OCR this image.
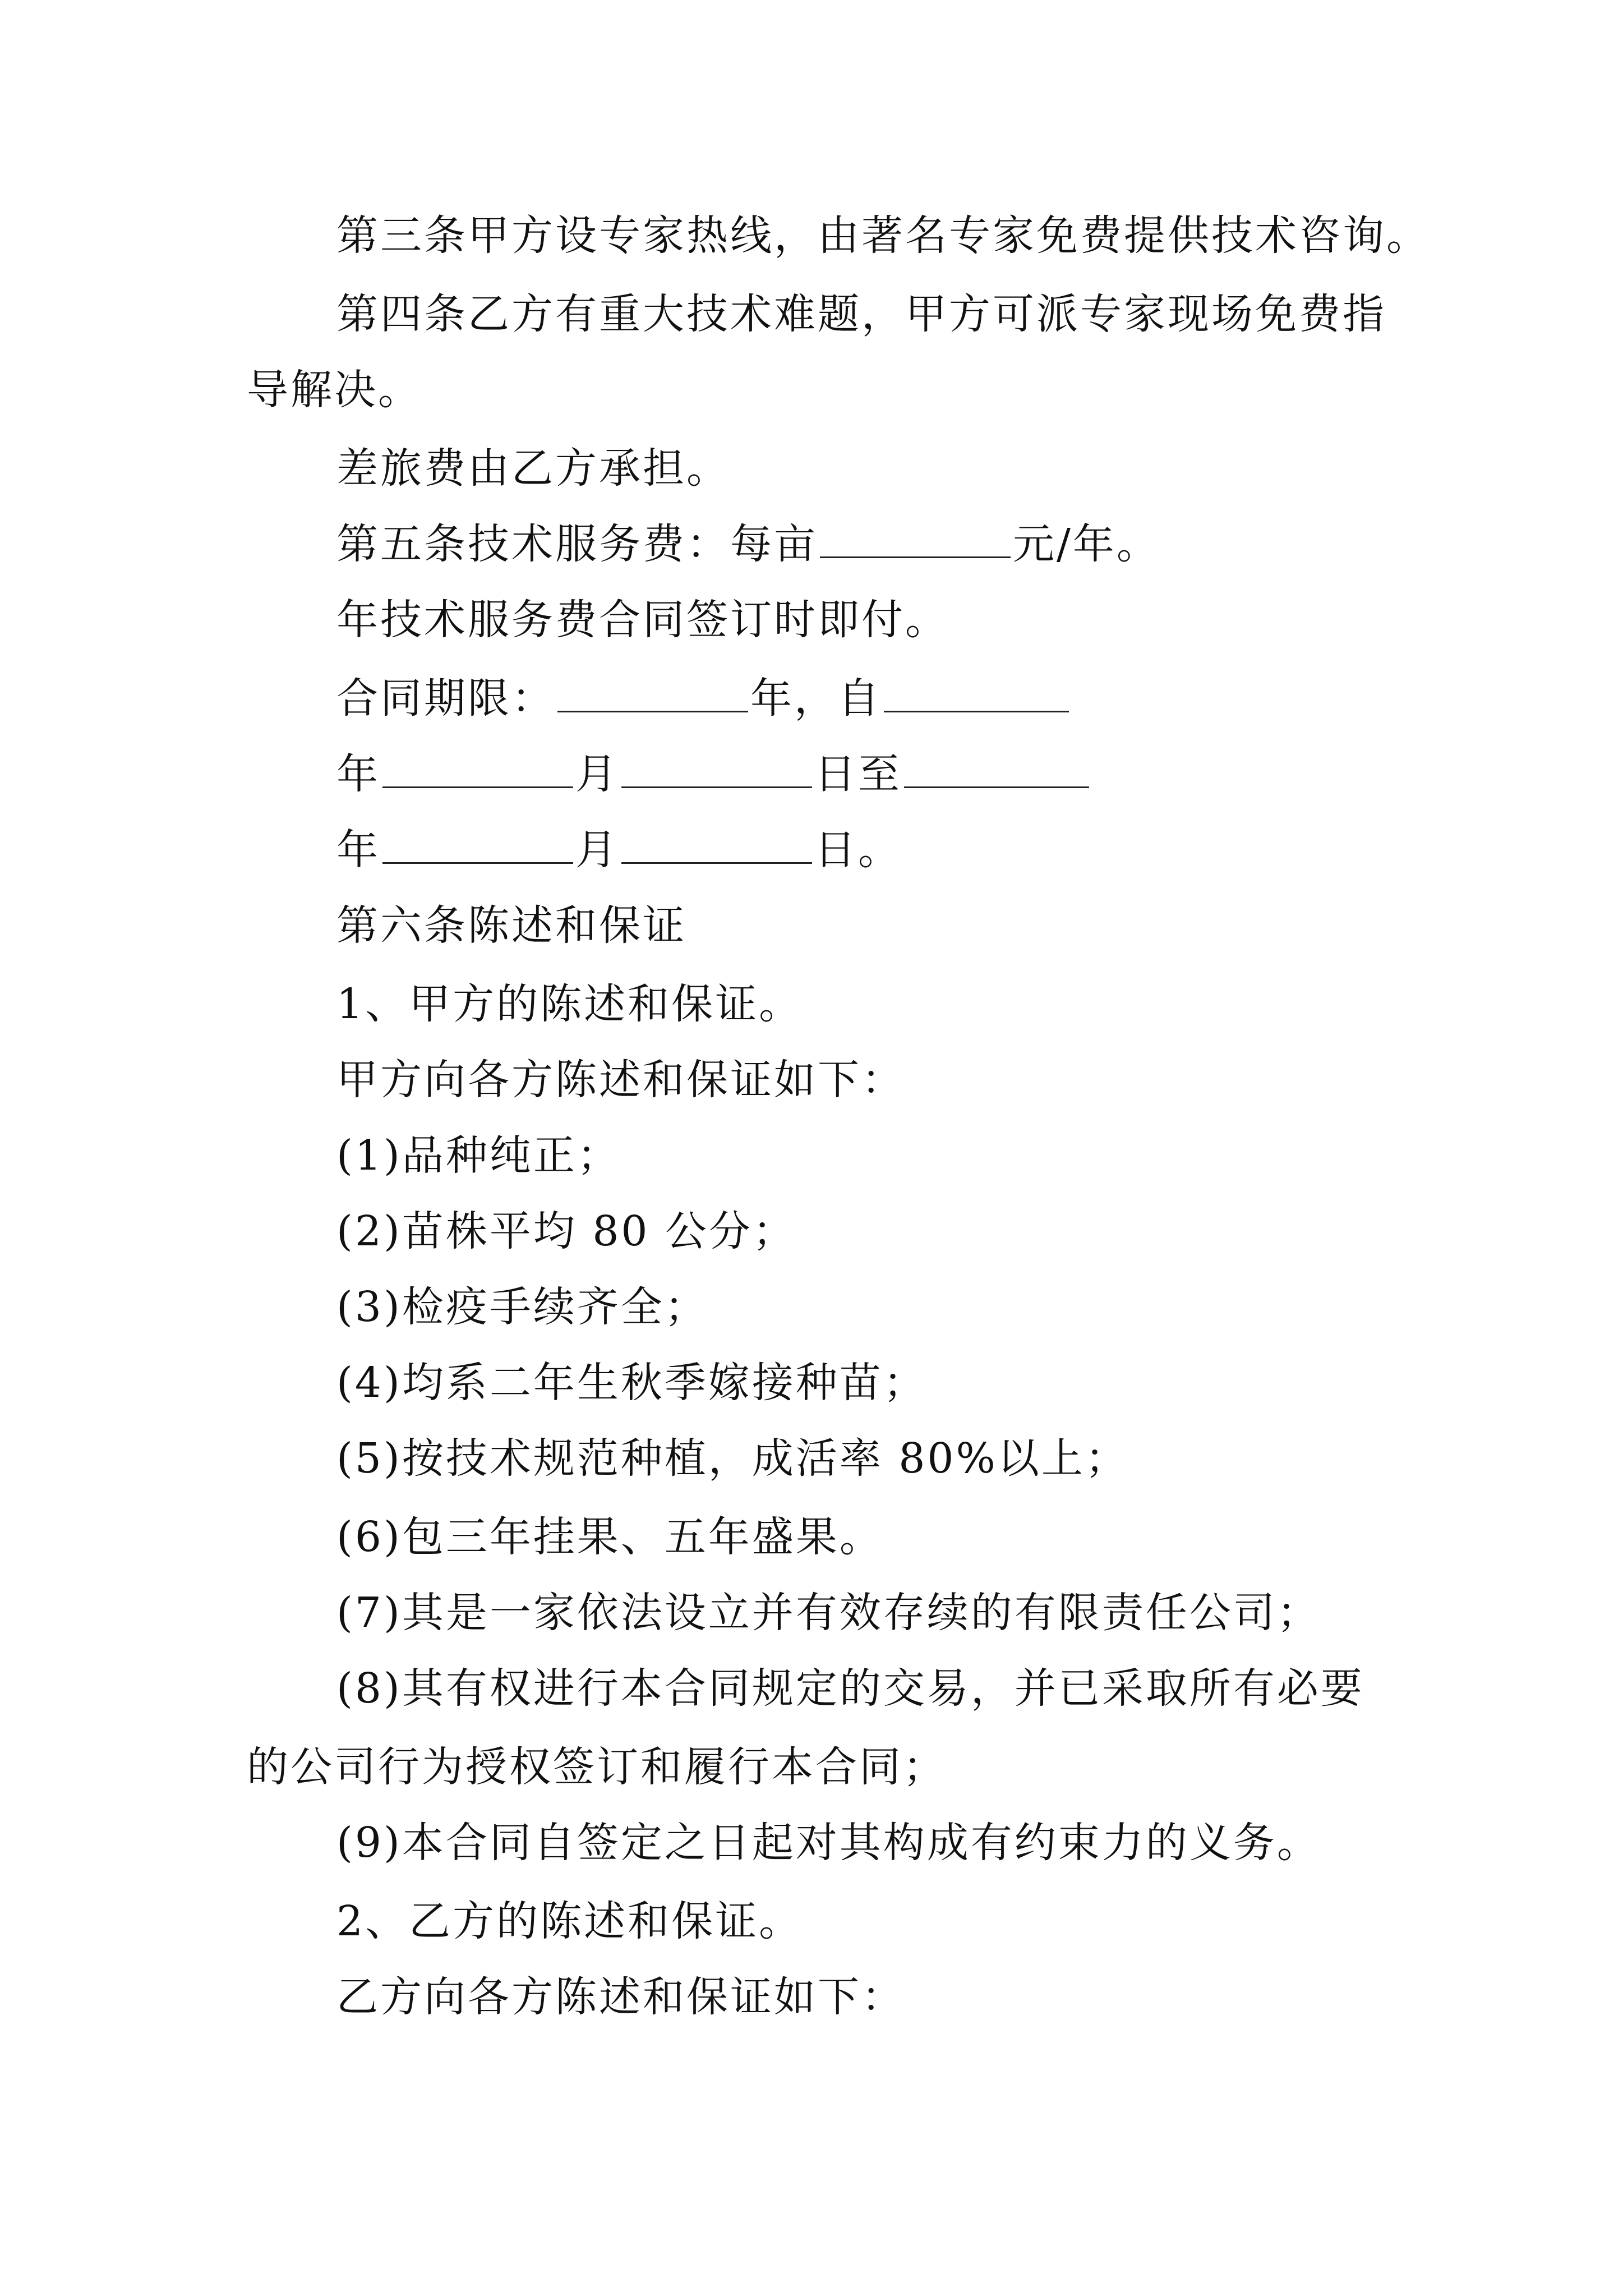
第三条甲方设专家热线，由著名专家免费提供技术咨询。
第四条乙方有重大技术难题，甲方可派专家现场免费指
导解决。
差旅费由乙方承担。
第五条技术服务费：每亩	元/年。
年技术服务费合同签订时即付。
合同期限：	年，自
年	月	日至
年	月	日。
第六条陈述和保证
1、甲方的陈述和保证。
甲方向各方陈述和保证如下：
(1)品种纯正；
(2)苗株平均 80 公分；
(3)检疫手续齐全；
(4)均系二年生秋季嫁接种苗；
(5)按技术规范种植，成活率 80%以上；
(6)包三年挂果、五年盛果。
(7)其是一家依法设立并有效存续的有限责任公司；
(8)其有权进行本合同规定的交易，并已采取所有必要
的公司行为授权签订和履行本合同；
(9)本合同自签定之日起对其构成有约束力的义务。
2、乙方的陈述和保证。
乙方向各方陈述和保证如下：
